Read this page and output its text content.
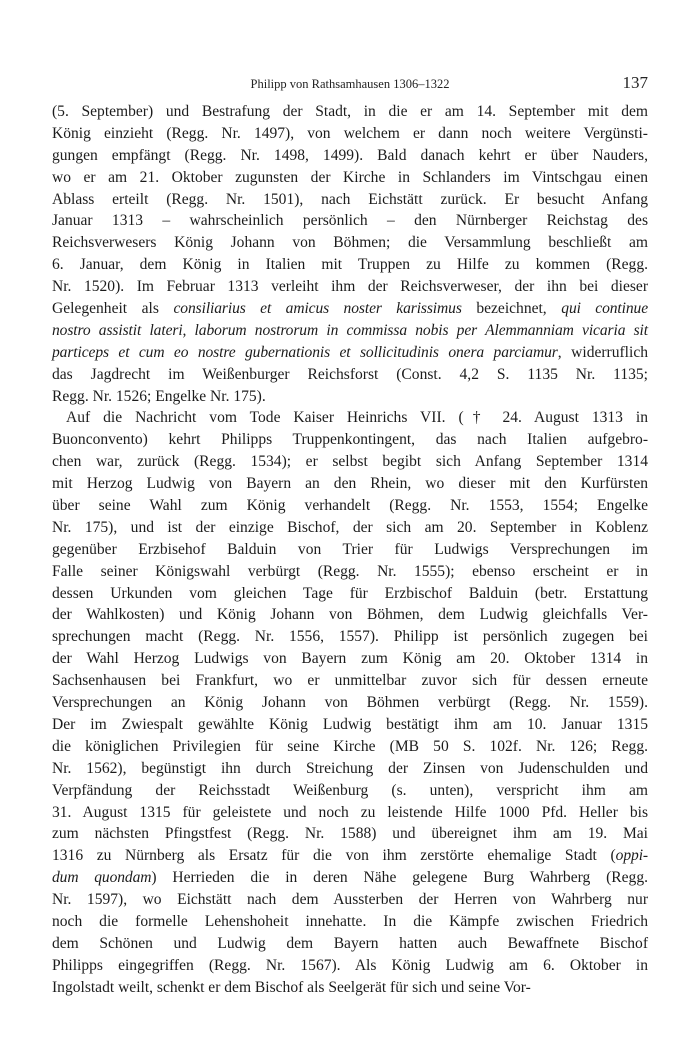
Philipp von Rathsamhausen 1306–1322	137
(5. September) und Bestrafung der Stadt, in die er am 14. September mit dem
König einzieht (Regg. Nr. 1497), von welchem er dann noch weitere Vergünsti-
gungen empfängt (Regg. Nr. 1498, 1499). Bald danach kehrt er über Nauders,
wo er am 21. Oktober zugunsten der Kirche in Schlanders im Vintschgau einen
Ablass erteilt (Regg. Nr. 1501), nach Eichstätt zurück. Er besucht Anfang
Januar 1313 – wahrscheinlich persönlich – den Nürnberger Reichstag des
Reichsverwesers König Johann von Böhmen; die Versammlung beschließt am
6. Januar, dem König in Italien mit Truppen zu Hilfe zu kommen (Regg.
Nr. 1520). Im Februar 1313 verleiht ihm der Reichsverweser, der ihn bei dieser
Gelegenheit als consiliarius et amicus noster karissimus bezeichnet, qui continue
nostro assistit lateri, laborum nostrorum in commissa nobis per Alemmanniam vicaria sit
particeps et cum eo nostre gubernationis et sollicitudinis onera parciamur, widerruflich
das Jagdrecht im Weißenburger Reichsforst (Const. 4,2 S. 1135 Nr. 1135;
Regg. Nr. 1526; Engelke Nr. 175).
Auf die Nachricht vom Tode Kaiser Heinrichs VII. († 24. August 1313 in
Buonconvento) kehrt Philipps Truppenkontingent, das nach Italien aufgebro-
chen war, zurück (Regg. 1534); er selbst begibt sich Anfang September 1314
mit Herzog Ludwig von Bayern an den Rhein, wo dieser mit den Kurfürsten
über seine Wahl zum König verhandelt (Regg. Nr. 1553, 1554; Engelke
Nr. 175), und ist der einzige Bischof, der sich am 20. September in Koblenz
gegenüber Erzbisehof Balduin von Trier für Ludwigs Versprechungen im
Falle seiner Königswahl verbürgt (Regg. Nr. 1555); ebenso erscheint er in
dessen Urkunden vom gleichen Tage für Erzbischof Balduin (betr. Erstattung
der Wahlkosten) und König Johann von Böhmen, dem Ludwig gleichfalls Ver-
sprechungen macht (Regg. Nr. 1556, 1557). Philipp ist persönlich zugegen bei
der Wahl Herzog Ludwigs von Bayern zum König am 20. Oktober 1314 in
Sachsenhausen bei Frankfurt, wo er unmittelbar zuvor sich für dessen erneute
Versprechungen an König Johann von Böhmen verbürgt (Regg. Nr. 1559).
Der im Zwiespalt gewählte König Ludwig bestätigt ihm am 10. Januar 1315
die königlichen Privilegien für seine Kirche (MB 50 S. 102f. Nr. 126; Regg.
Nr. 1562), begünstigt ihn durch Streichung der Zinsen von Judenschulden und
Verpfändung der Reichsstadt Weißenburg (s. unten), verspricht ihm am
31. August 1315 für geleistete und noch zu leistende Hilfe 1000 Pfd. Heller bis
zum nächsten Pfingstfest (Regg. Nr. 1588) und übereignet ihm am 19. Mai
1316 zu Nürnberg als Ersatz für die von ihm zerstörte ehemalige Stadt (oppi-
dum quondam) Herrieden die in deren Nähe gelegene Burg Wahrberg (Regg.
Nr. 1597), wo Eichstätt nach dem Aussterben der Herren von Wahrberg nur
noch die formelle Lehenshoheit innehatte. In die Kämpfe zwischen Friedrich
dem Schönen und Ludwig dem Bayern hatten auch Bewaffnete Bischof
Philipps eingegriffen (Regg. Nr. 1567). Als König Ludwig am 6. Oktober in
Ingolstadt weilt, schenkt er dem Bischof als Seelgerät für sich und seine Vor-
